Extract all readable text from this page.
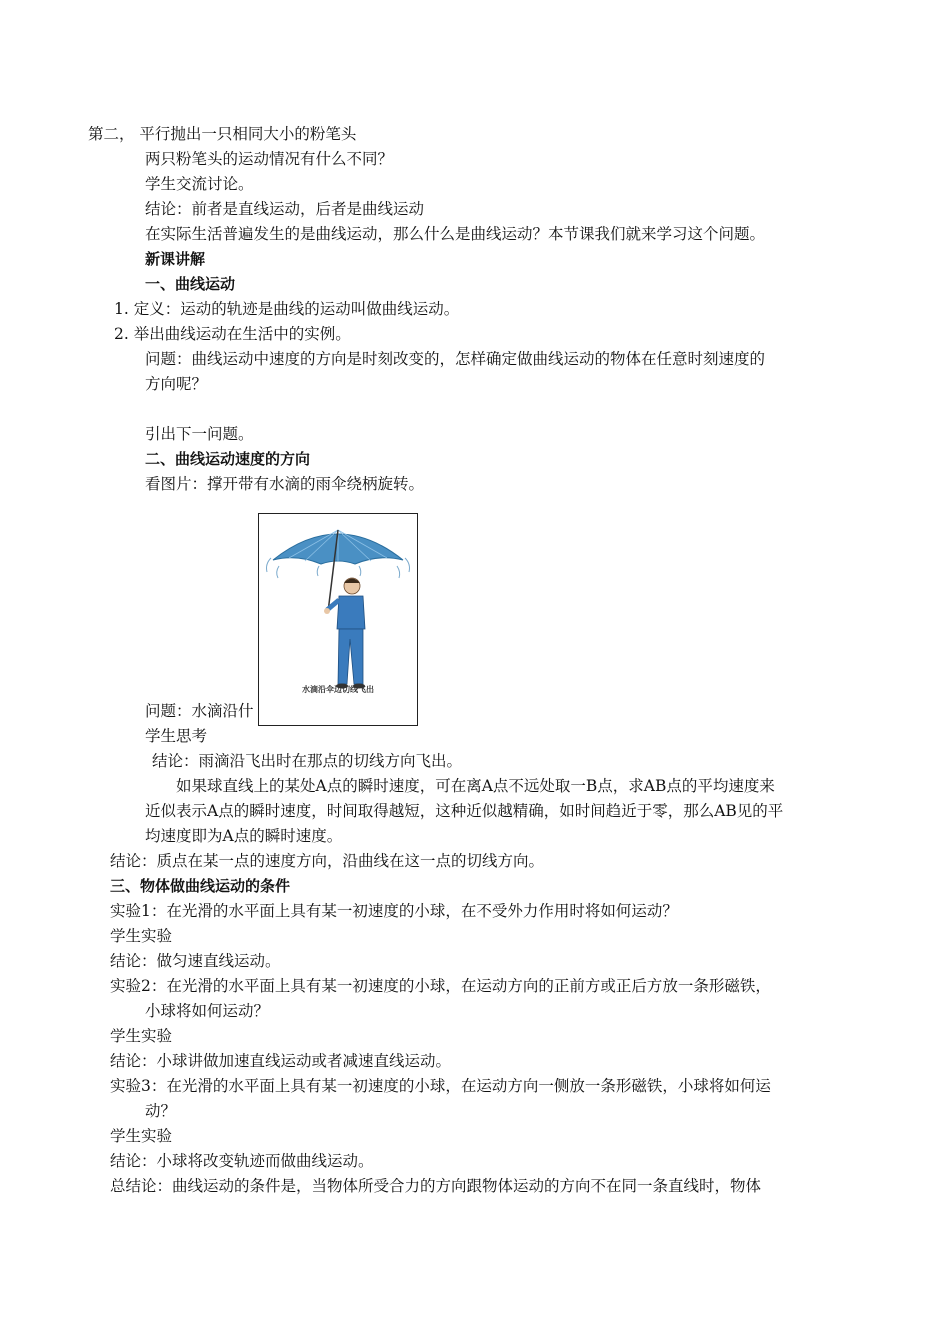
第二， 平行抛出一只相同大小的粉笔头
两只粉笔头的运动情况有什么不同？
学生交流讨论。
结论：前者是直线运动，后者是曲线运动
在实际生活普遍发生的是曲线运动，那么什么是曲线运动？本节课我们就来学习这个问题。
新课讲解
一、曲线运动
1. 定义：运动的轨迹是曲线的运动叫做曲线运动。
2. 举出曲线运动在生活中的实例。
问题：曲线运动中速度的方向是时刻改变的，怎样确定做曲线运动的物体在任意时刻速度的
方向呢？
引出下一问题。
二、曲线运动速度的方向
看图片：撑开带有水滴的雨伞绕柄旋转。
水滴沿伞边切线飞出
问题：水滴沿什
学生思考
结论：雨滴沿飞出时在那点的切线方向飞出。
如果球直线上的某处A点的瞬时速度，可在离A点不远处取一B点，求AB点的平均速度来
近似表示A点的瞬时速度，时间取得越短，这种近似越精确，如时间趋近于零，那么AB见的平
均速度即为A点的瞬时速度。
结论：质点在某一点的速度方向，沿曲线在这一点的切线方向。
三、物体做曲线运动的条件
实验1：在光滑的水平面上具有某一初速度的小球，在不受外力作用时将如何运动？
学生实验
结论：做匀速直线运动。
实验2：在光滑的水平面上具有某一初速度的小球，在运动方向的正前方或正后方放一条形磁铁，
小球将如何运动？
学生实验
结论：小球讲做加速直线运动或者减速直线运动。
实验3：在光滑的水平面上具有某一初速度的小球，在运动方向一侧放一条形磁铁，小球将如何运
动？
学生实验
结论：小球将改变轨迹而做曲线运动。
总结论：曲线运动的条件是，当物体所受合力的方向跟物体运动的方向不在同一条直线时，物体
